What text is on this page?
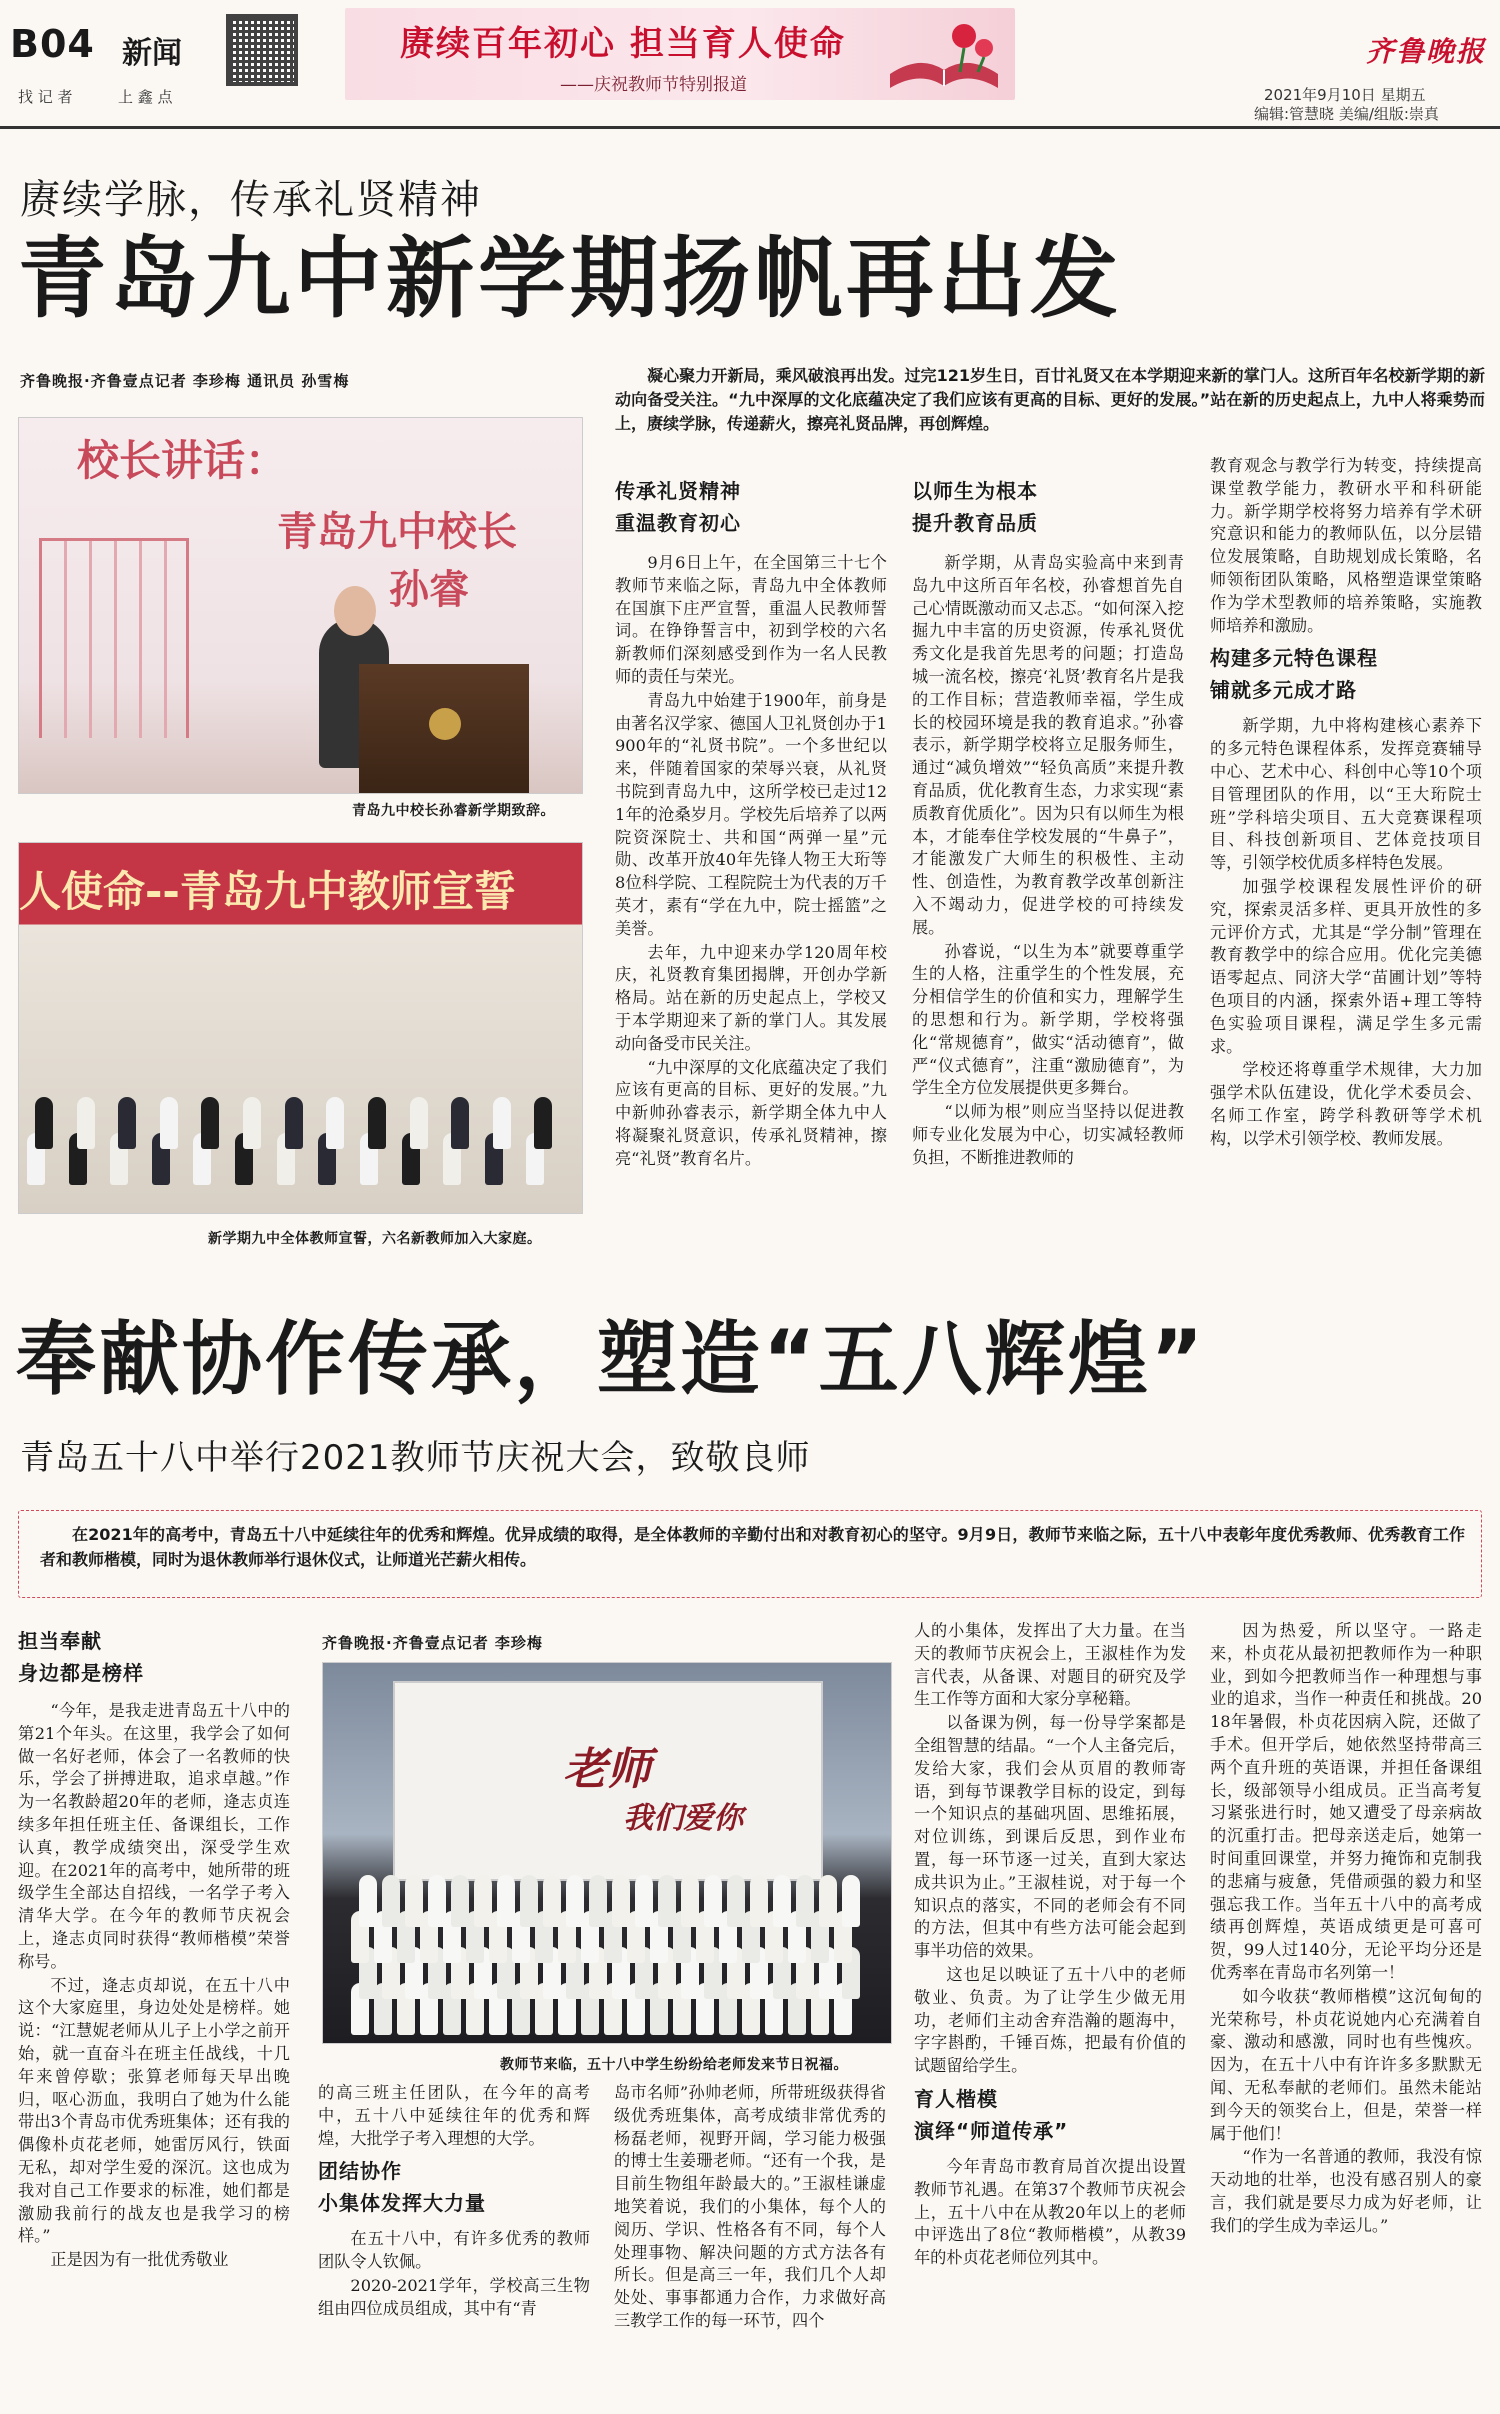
B04 新闻
找 记 者	上 鑫 点
赓续百年初心 担当育人使命
——庆祝教师节特别报道
齐鲁晚报
2021年9月10日 星期五
编辑:管慧晓 美编/组版:崇真
赓续学脉，传承礼贤精神
青岛九中新学期扬帆再出发
齐鲁晚报·齐鲁壹点记者 李珍梅 通讯员 孙雪梅	凝心聚力开新局，乘风破浪再出发。过完121岁生日，百廿礼贤又在本学期迎来新的掌门人。这所百年名校新学期的新动向备受关注。“九中深厚的文化底蕴决定了我们应该有更高的目标、更好的发展。”站在新的历史起点上，九中人将乘势而上，赓续学脉，传递薪火，擦亮礼贤品牌，再创辉煌。
校长讲话：
青岛九中校长
孙睿
青岛九中校长孙睿新学期致辞。
人使命--青岛九中教师宣誓
新学期九中全体教师宣誓，六名新教师加入大家庭。
传承礼贤精神
重温教育初心

9月6日上午，在全国第三十七个教师节来临之际，青岛九中全体教师在国旗下庄严宣誓，重温人民教师誓词。在铮铮誓言中，初到学校的六名新教师们深刻感受到作为一名人民教师的责任与荣光。

青岛九中始建于1900年，前身是由著名汉学家、德国人卫礼贤创办于1900年的“礼贤书院”。一个多世纪以来，伴随着国家的荣辱兴衰，从礼贤书院到青岛九中，这所学校已走过121年的沧桑岁月。学校先后培养了以两院资深院士、共和国“两弹一星”元勋、改革开放40年先锋人物王大珩等8位科学院、工程院院士为代表的万千英才，素有“学在九中，院士摇篮”之美誉。

去年，九中迎来办学120周年校庆，礼贤教育集团揭牌，开创办学新格局。站在新的历史起点上，学校又于本学期迎来了新的掌门人。其发展动向备受市民关注。

“九中深厚的文化底蕴决定了我们应该有更高的目标、更好的发展。”九中新帅孙睿表示，新学期全体九中人将凝聚礼贤意识，传承礼贤精神，擦亮“礼贤”教育名片。

以师生为根本
提升教育品质

新学期，从青岛实验高中来到青岛九中这所百年名校，孙睿想首先自己心情既激动而又忐忑。“如何深入挖掘九中丰富的历史资源，传承礼贤优秀文化是我首先思考的问题；打造岛城一流名校，擦亮‘礼贤’教育名片是我的工作目标；营造教师幸福，学生成长的校园环境是我的教育追求。”孙睿表示，新学期学校将立足服务师生，通过“减负增效”“轻负高质”来提升教育品质，优化教育生态，力求实现“素质教育优质化”。因为只有以师生为根本，才能奉住学校发展的“牛鼻子”，才能激发广大师生的积极性、主动性、创造性，为教育教学改革创新注入不竭动力，促进学校的可持续发展。

孙睿说，“以生为本”就要尊重学生的人格，注重学生的个性发展，充分相信学生的价值和实力，理解学生的思想和行为。新学期，学校将强化“常规德育”，做实“活动德育”，做严“仪式德育”，注重“激励德育”，为学生全方位发展提供更多舞台。

“以师为根”则应当坚持以促进教师专业化发展为中心，切实减轻教师负担，不断推进教师的

教育观念与教学行为转变，持续提高课堂教学能力，教研水平和科研能力。新学期学校将努力培养有学术研究意识和能力的教师队伍，以分层错位发展策略，自助规划成长策略，名师领衔团队策略，风格塑造课堂策略作为学术型教师的培养策略，实施教师培养和激励。

构建多元特色课程
铺就多元成才路

新学期，九中将构建核心素养下的多元特色课程体系，发挥竞赛辅导中心、艺术中心、科创中心等10个项目管理团队的作用，以“王大珩院士班”学科培尖项目、五大竞赛课程项目、科技创新项目、艺体竞技项目等，引领学校优质多样特色发展。

加强学校课程发展性评价的研究，探索灵活多样、更具开放性的多元评价方式，尤其是“学分制”管理在教育教学中的综合应用。优化完美德语零起点、同济大学“苗圃计划”等特色项目的内涵，探索外语+理工等特色实验项目课程，满足学生多元需求。

学校还将尊重学术规律，大力加强学术队伍建设，优化学术委员会、名师工作室，跨学科教研等学术机构，以学术引领学校、教师发展。

奉献协作传承，塑造“五八辉煌”
青岛五十八中举行2021教师节庆祝大会，致敬良师
在2021年的高考中，青岛五十八中延续往年的优秀和辉煌。优异成绩的取得，是全体教师的辛勤付出和对教育初心的坚守。9月9日，教师节来临之际，五十八中表彰年度优秀教师、优秀教育工作者和教师楷模，同时为退休教师举行退休仪式，让师道光芒薪火相传。
担当奉献
身边都是榜样

“今年，是我走进青岛五十八中的第21个年头。在这里，我学会了如何做一名好老师，体会了一名教师的快乐，学会了拼搏进取，追求卓越。”作为一名教龄超20年的老师，逄志贞连续多年担任班主任、备课组长，工作认真，教学成绩突出，深受学生欢迎。在2021年的高考中，她所带的班级学生全部达自招线，一名学子考入清华大学。在今年的教师节庆祝会上，逄志贞同时获得“教师楷模”荣誉称号。

不过，逄志贞却说，在五十八中这个大家庭里，身边处处是榜样。她说：“江慧妮老师从儿子上小学之前开始，就一直奋斗在班主任战线，十几年来曾停歇；张算老师每天早出晚归，呕心沥血，我明白了她为什么能带出3个青岛市优秀班集体；还有我的偶像朴贞花老师，她雷厉风行，铁面无私，却对学生爱的深沉。这也成为我对自己工作要求的标准，她们都是激励我前行的战友也是我学习的榜样。”

正是因为有一批优秀敬业

齐鲁晚报·齐鲁壹点记者 李珍梅
老师
我们爱你
教师节来临，五十八中学生纷纷给老师发来节日祝福。

的高三班主任团队，在今年的高考中，五十八中延续往年的优秀和辉煌，大批学子考入理想的大学。

团结协作
小集体发挥大力量

在五十八中，有许多优秀的教师团队令人钦佩。

2020-2021学年，学校高三生物组由四位成员组成，其中有“青

岛市名师”孙帅老师，所带班级获得省级优秀班集体，高考成绩非常优秀的杨磊老师，视野开阔，学习能力极强的博士生姜珊老师。“还有一个我，是目前生物组年龄最大的。”王淑桂谦虚地笑着说，我们的小集体，每个人的阅历、学识、性格各有不同，每个人处理事物、解决问题的方式方法各有所长。但是高三一年，我们几个人却处处、事事都通力合作，力求做好高三教学工作的每一环节，四个

人的小集体，发挥出了大力量。在当天的教师节庆祝会上，王淑桂作为发言代表，从备课、对题目的研究及学生工作等方面和大家分享秘籍。

以备课为例，每一份导学案都是全组智慧的结晶。“一个人主备完后，发给大家，我们会从页眉的教师寄语，到每节课教学目标的设定，到每一个知识点的基础巩固、思维拓展，对位训练，到课后反思，到作业布置，每一环节逐一过关，直到大家达成共识为止。”王淑桂说，对于每一个知识点的落实，不同的老师会有不同的方法，但其中有些方法可能会起到事半功倍的效果。

这也足以映证了五十八中的老师敬业、负责。为了让学生少做无用功，老师们主动舍弃浩瀚的题海中，字字斟酌，千锤百炼，把最有价值的试题留给学生。

育人楷模
演绎“师道传承”

今年青岛市教育局首次提出设置教师节礼遇。在第37个教师节庆祝会上，五十八中在从教20年以上的老师中评选出了8位“教师楷模”，从教39年的朴贞花老师位列其中。

因为热爱，所以坚守。一路走来，朴贞花从最初把教师作为一种职业，到如今把教师当作一种理想与事业的追求，当作一种责任和挑战。2018年暑假，朴贞花因病入院，还做了手术。但开学后，她依然坚持带高三两个直升班的英语课，并担任备课组长，级部领导小组成员。正当高考复习紧张进行时，她又遭受了母亲病故的沉重打击。把母亲送走后，她第一时间重回课堂，并努力掩饰和克制我的悲痛与疲惫，凭借顽强的毅力和坚强忘我工作。当年五十八中的高考成绩再创辉煌，英语成绩更是可喜可贺，99人过140分，无论平均分还是优秀率在青岛市名列第一！

如今收获“教师楷模”这沉甸甸的光荣称号，朴贞花说她内心充满着自豪、激动和感激，同时也有些愧疚。因为，在五十八中有许许多多默默无闻、无私奉献的老师们。虽然未能站到今天的领奖台上，但是，荣誉一样属于他们！

“作为一名普通的教师，我没有惊天动地的壮举，也没有感召别人的豪言，我们就是要尽力成为好老师，让我们的学生成为幸运儿。”
